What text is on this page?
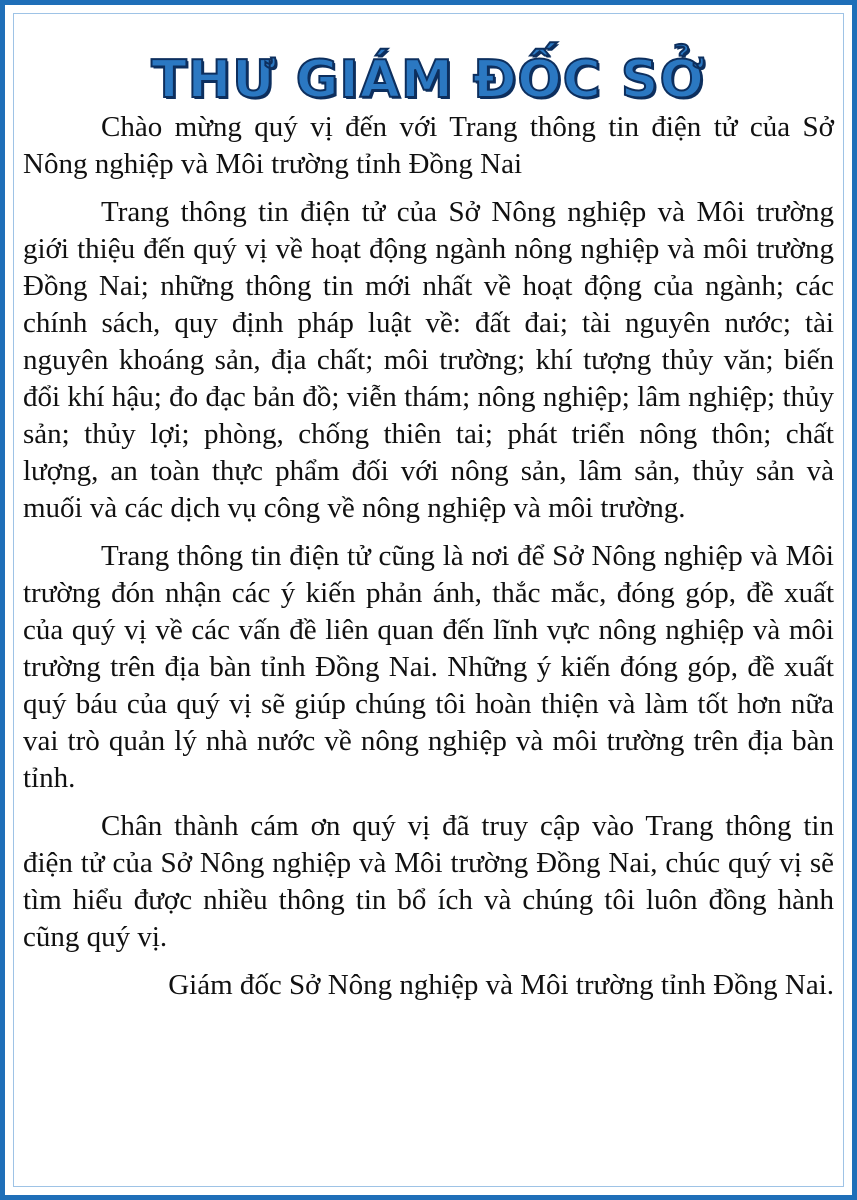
THƯ GIÁM ĐỐC SỞ

Chào mừng quý vị đến với Trang thông tin điện tử của Sở Nông nghiệp và Môi trường tỉnh Đồng Nai

Trang thông tin điện tử của Sở Nông nghiệp và Môi trường giới thiệu đến quý vị về hoạt động ngành nông nghiệp và môi trường Đồng Nai; những thông tin mới nhất về hoạt động của ngành; các chính sách, quy định pháp luật về: đất đai; tài nguyên nước; tài nguyên khoáng sản, địa chất; môi trường; khí tượng thủy văn; biến đổi khí hậu; đo đạc bản đồ; viễn thám; nông nghiệp; lâm nghiệp; thủy sản; thủy lợi; phòng, chống thiên tai; phát triển nông thôn; chất lượng, an toàn thực phẩm đối với nông sản, lâm sản, thủy sản và muối và các dịch vụ công về nông nghiệp và môi trường.

Trang thông tin điện tử cũng là nơi để Sở Nông nghiệp và Môi trường đón nhận các ý kiến phản ánh, thắc mắc, đóng góp, đề xuất của quý vị về các vấn đề liên quan đến lĩnh vực nông nghiệp và môi trường trên địa bàn tỉnh Đồng Nai. Những ý kiến đóng góp, đề xuất quý báu của quý vị sẽ giúp chúng tôi hoàn thiện và làm tốt hơn nữa vai trò quản lý nhà nước về nông nghiệp và môi trường trên địa bàn tỉnh.

Chân thành cám ơn quý vị đã truy cập vào Trang thông tin điện tử của Sở Nông nghiệp và Môi trường Đồng Nai, chúc quý vị sẽ tìm hiểu được nhiều thông tin bổ ích và chúng tôi luôn đồng hành cũng quý vị.

Giám đốc Sở Nông nghiệp và Môi trường tỉnh Đồng Nai.
